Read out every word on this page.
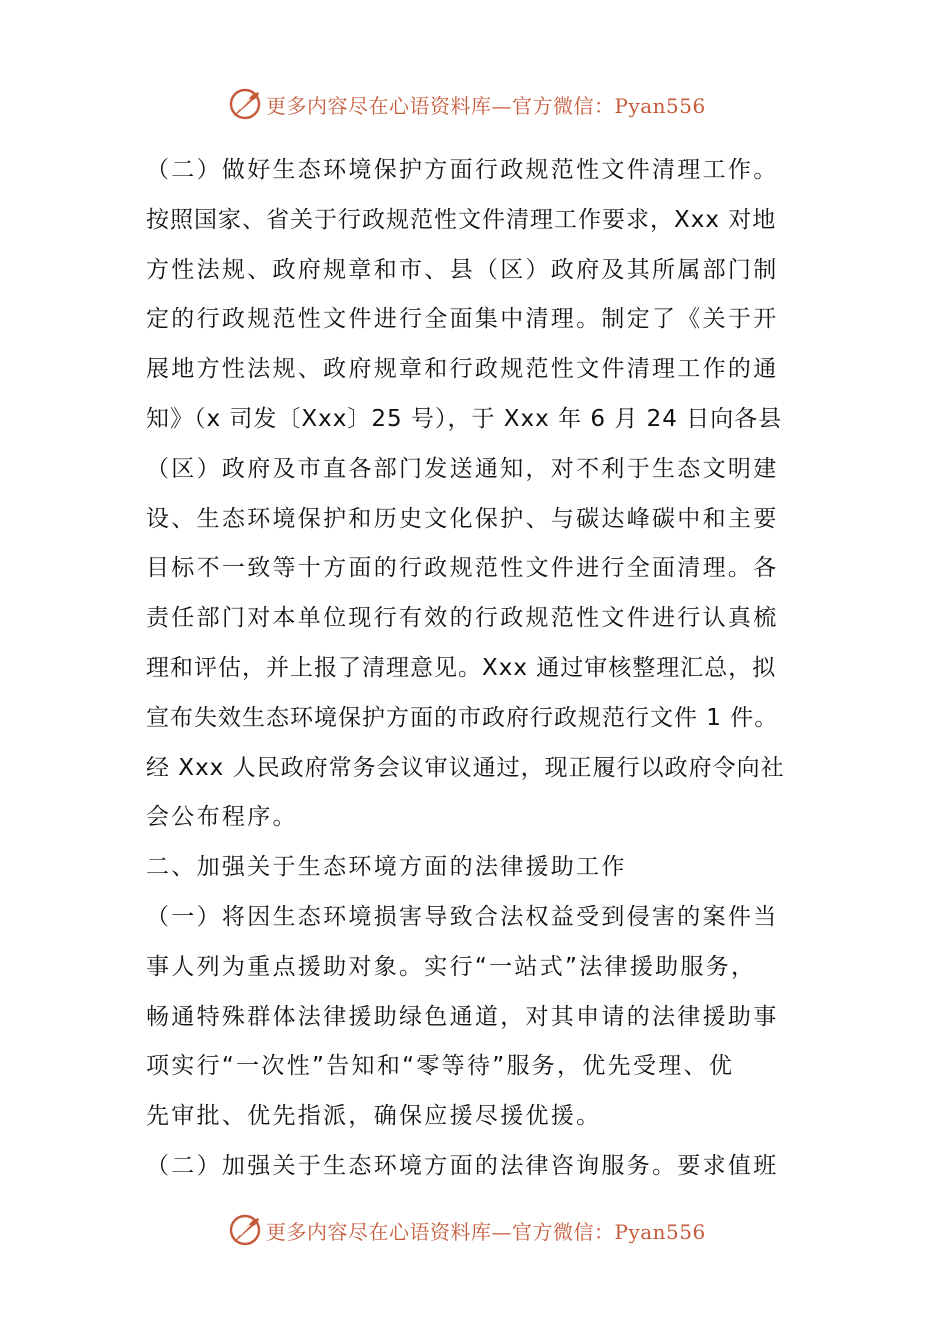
更多内容尽在心语资料库—官方微信：Pyan556
（二）做好生态环境保护方面行政规范性文件清理工作。
按照国家、省关于行政规范性文件清理工作要求，Xxx 对地
方性法规、政府规章和市、县（区）政府及其所属部门制
定的行政规范性文件进行全面集中清理。制定了《关于开
展地方性法规、政府规章和行政规范性文件清理工作的通
知》（x 司发〔Xxx〕25 号），于 Xxx 年 6 月 24 日向各县
（区）政府及市直各部门发送通知，对不利于生态文明建
设、生态环境保护和历史文化保护、与碳达峰碳中和主要
目标不一致等十方面的行政规范性文件进行全面清理。各
责任部门对本单位现行有效的行政规范性文件进行认真梳
理和评估，并上报了清理意见。Xxx 通过审核整理汇总，拟
宣布失效生态环境保护方面的市政府行政规范行文件 1 件。
经 Xxx 人民政府常务会议审议通过，现正履行以政府令向社
会公布程序。
二、加强关于生态环境方面的法律援助工作
（一）将因生态环境损害导致合法权益受到侵害的案件当
事人列为重点援助对象。实行“一站式”法律援助服务，
畅通特殊群体法律援助绿色通道，对其申请的法律援助事
项实行“一次性”告知和“零等待”服务，优先受理、优
先审批、优先指派，确保应援尽援优援。
（二）加强关于生态环境方面的法律咨询服务。要求值班
更多内容尽在心语资料库—官方微信：Pyan556
